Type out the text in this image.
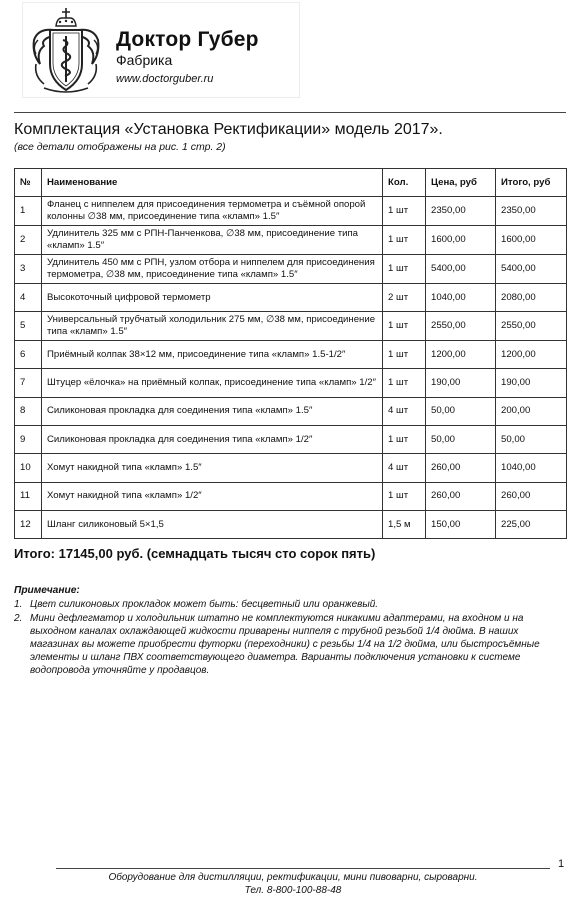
Доктор Губер
Фабрика
www.doctorguber.ru
Комплектация «Установка Ректификации» модель 2017».
(все детали отображены на рис. 1 стр. 2)
№	Наименование	Кол.	Цена, руб	Итого, руб
1	Фланец с ниппелем для присоединения термометра и съёмной опорой колонны ∅38 мм, присоединение типа «кламп» 1.5″	1 шт	2350,00	2350,00
2	Удлинитель 325 мм с РПН-Панченкова, ∅38 мм, присоединение типа «кламп» 1.5″	1 шт	1600,00	1600,00
3	Удлинитель 450 мм с РПН, узлом отбора и ниппелем для присоединения термометра, ∅38 мм, присоединение типа «кламп» 1.5″	1 шт	5400,00	5400,00
4	Высокоточный цифровой термометр	2 шт	1040,00	2080,00
5	Универсальный трубчатый холодильник 275 мм, ∅38 мм, присоединение типа «кламп» 1.5″	1 шт	2550,00	2550,00
6	Приёмный колпак 38×12 мм, присоединение типа «кламп» 1.5-1/2″	1 шт	1200,00	1200,00
7	Штуцер «ёлочка» на приёмный колпак, присоединение типа «кламп» 1/2″	1 шт	190,00	190,00
8	Силиконовая прокладка для соединения типа «кламп» 1.5″	4 шт	50,00	200,00
9	Силиконовая прокладка для соединения типа «кламп» 1/2″	1 шт	50,00	50,00
10	Хомут накидной типа «кламп» 1.5″	4 шт	260,00	1040,00
11	Хомут накидной типа «кламп» 1/2″	1 шт	260,00	260,00
12	Шланг силиконовый 5×1,5	1,5 м	150,00	225,00
Итого: 17145,00 руб. (семнадцать тысяч сто сорок пять)
Примечание:
1. Цвет силиконовых прокладок может быть: бесцветный или оранжевый.
2. Мини дефлегматор и холодильник штатно не комплектуются никакими адаптерами, на входном и на выходном каналах охлаждающей жидкости приварены ниппеля с трубной резьбой 1/4 дюйма. В наших магазинах вы можете приобрести футорки (переходники) с резьбы 1/4 на 1/2 дюйма, или быстросъёмные элементы и шланг ПВХ соответствующего диаметра. Варианты подключения установки к системе водопровода уточняйте у продавцов.
1
Оборудование для дистилляции, ректификации, мини пивоварни, сыроварни.
Тел. 8-800-100-88-48
